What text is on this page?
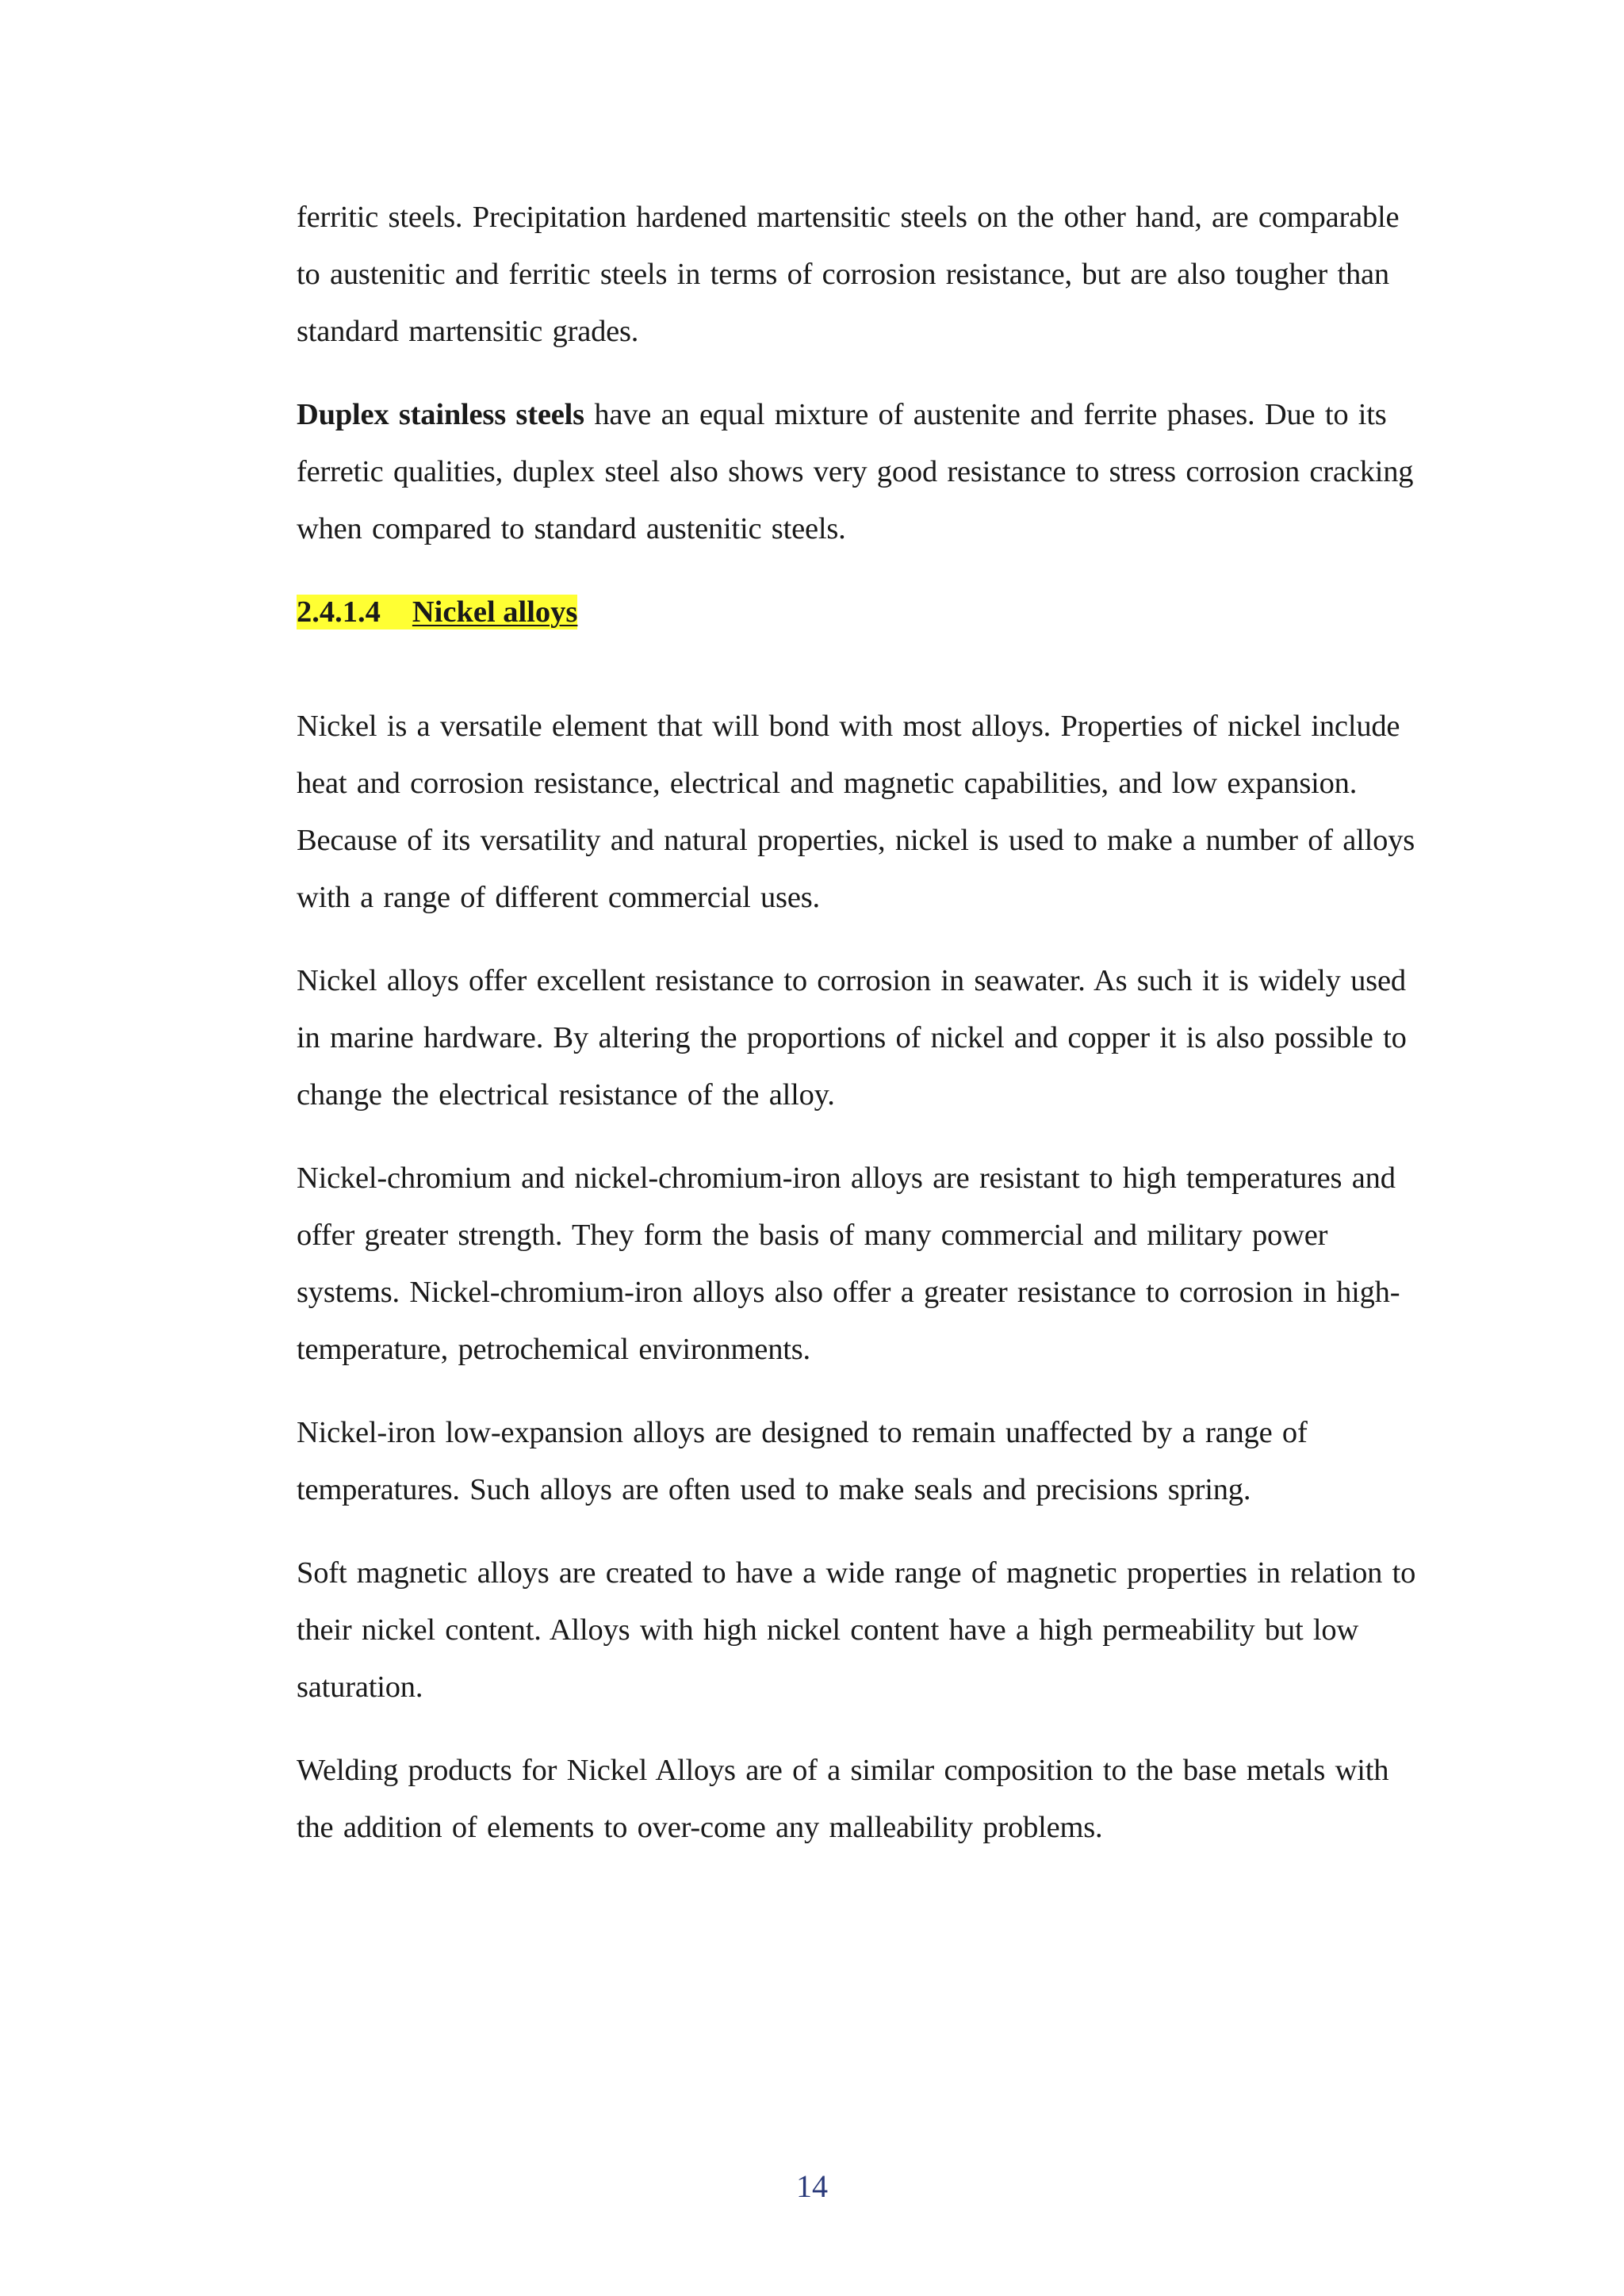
ferritic steels. Precipitation hardened martensitic steels on the other hand, are comparable to austenitic and ferritic steels in terms of corrosion resistance, but are also tougher than standard martensitic grades.

Duplex stainless steels have an equal mixture of austenite and ferrite phases. Due to its ferretic qualities, duplex steel also shows very good resistance to stress corrosion cracking when compared to standard austenitic steels.

2.4.1.4 Nickel alloys

Nickel is a versatile element that will bond with most alloys. Properties of nickel include heat and corrosion resistance, electrical and magnetic capabilities, and low expansion. Because of its versatility and natural properties, nickel is used to make a number of alloys with a range of different commercial uses.

Nickel alloys offer excellent resistance to corrosion in seawater. As such it is widely used in marine hardware. By altering the proportions of nickel and copper it is also possible to change the electrical resistance of the alloy.

Nickel-chromium and nickel-chromium-iron alloys are resistant to high temperatures and offer greater strength. They form the basis of many commercial and military power systems. Nickel-chromium-iron alloys also offer a greater resistance to corrosion in high-temperature, petrochemical environments.

Nickel-iron low-expansion alloys are designed to remain unaffected by a range of temperatures. Such alloys are often used to make seals and precisions spring.

Soft magnetic alloys are created to have a wide range of magnetic properties in relation to their nickel content. Alloys with high nickel content have a high permeability but low saturation.

Welding products for Nickel Alloys are of a similar composition to the base metals with the addition of elements to over-come any malleability problems.

14
